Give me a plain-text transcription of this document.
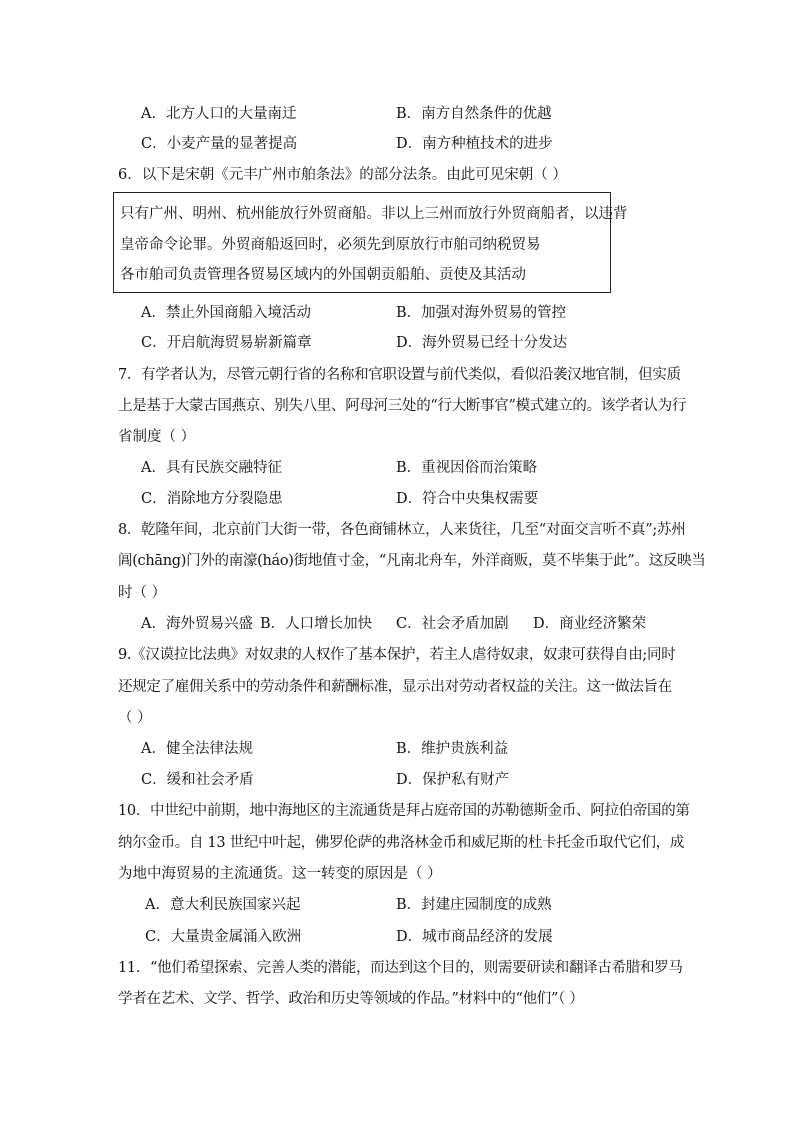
A．北方人口的大量南迁	B．南方自然条件的优越
C．小麦产量的显著提高	D．南方种植技术的进步
6．以下是宋朝《元丰广州市舶条法》的部分法条。由此可见宋朝（ ）
只有广州、明州、杭州能放行外贸商船。非以上三州而放行外贸商船者，以违背
皇帝命令论罪。外贸商船返回时，必须先到原放行市舶司纳税贸易
各市舶司负责管理各贸易区域内的外国朝贡船舶、贡使及其活动
A．禁止外国商船入境活动	B．加强对海外贸易的管控
C．开启航海贸易崭新篇章	D．海外贸易已经十分发达
7．有学者认为，尽管元朝行省的名称和官职设置与前代类似，看似沿袭汉地官制，但实质
上是基于大蒙古国燕京、别失八里、阿母河三处的“行大断事官”模式建立的。该学者认为行
省制度（ ）
A．具有民族交融特征	B．重视因俗而治策略
C．消除地方分裂隐患	D．符合中央集权需要
8．乾隆年间，北京前门大街一带，各色商铺林立，人来货往，几至“对面交言听不真”;苏州
阊(chāng)门外的南濠(háo)街地值寸金，“凡南北舟车，外洋商贩，莫不毕集于此”。这反映当
时（ ）
A．海外贸易兴盛 B．人口增长加快 C．社会矛盾加剧 D．商业经济繁荣
9.《汉谟拉比法典》对奴隶的人权作了基本保护，若主人虐待奴隶，奴隶可获得自由;同时
还规定了雇佣关系中的劳动条件和薪酬标准，显示出对劳动者权益的关注。这一做法旨在
（ ）
A．健全法律法规	B．维护贵族利益
C．缓和社会矛盾	D．保护私有财产
10．中世纪中前期，地中海地区的主流通货是拜占庭帝国的苏勒德斯金币、阿拉伯帝国的第
纳尔金币。自 13 世纪中叶起，佛罗伦萨的弗洛林金币和威尼斯的杜卡托金币取代它们，成
为地中海贸易的主流通货。这一转变的原因是（ ）
A．意大利民族国家兴起	B．封建庄园制度的成熟
C．大量贵金属涌入欧洲	D．城市商品经济的发展
11．“他们希望探索、完善人类的潜能，而达到这个目的，则需要研读和翻译古希腊和罗马
学者在艺术、文学、哲学、政治和历史等领域的作品。”材料中的“他们”（ ）
